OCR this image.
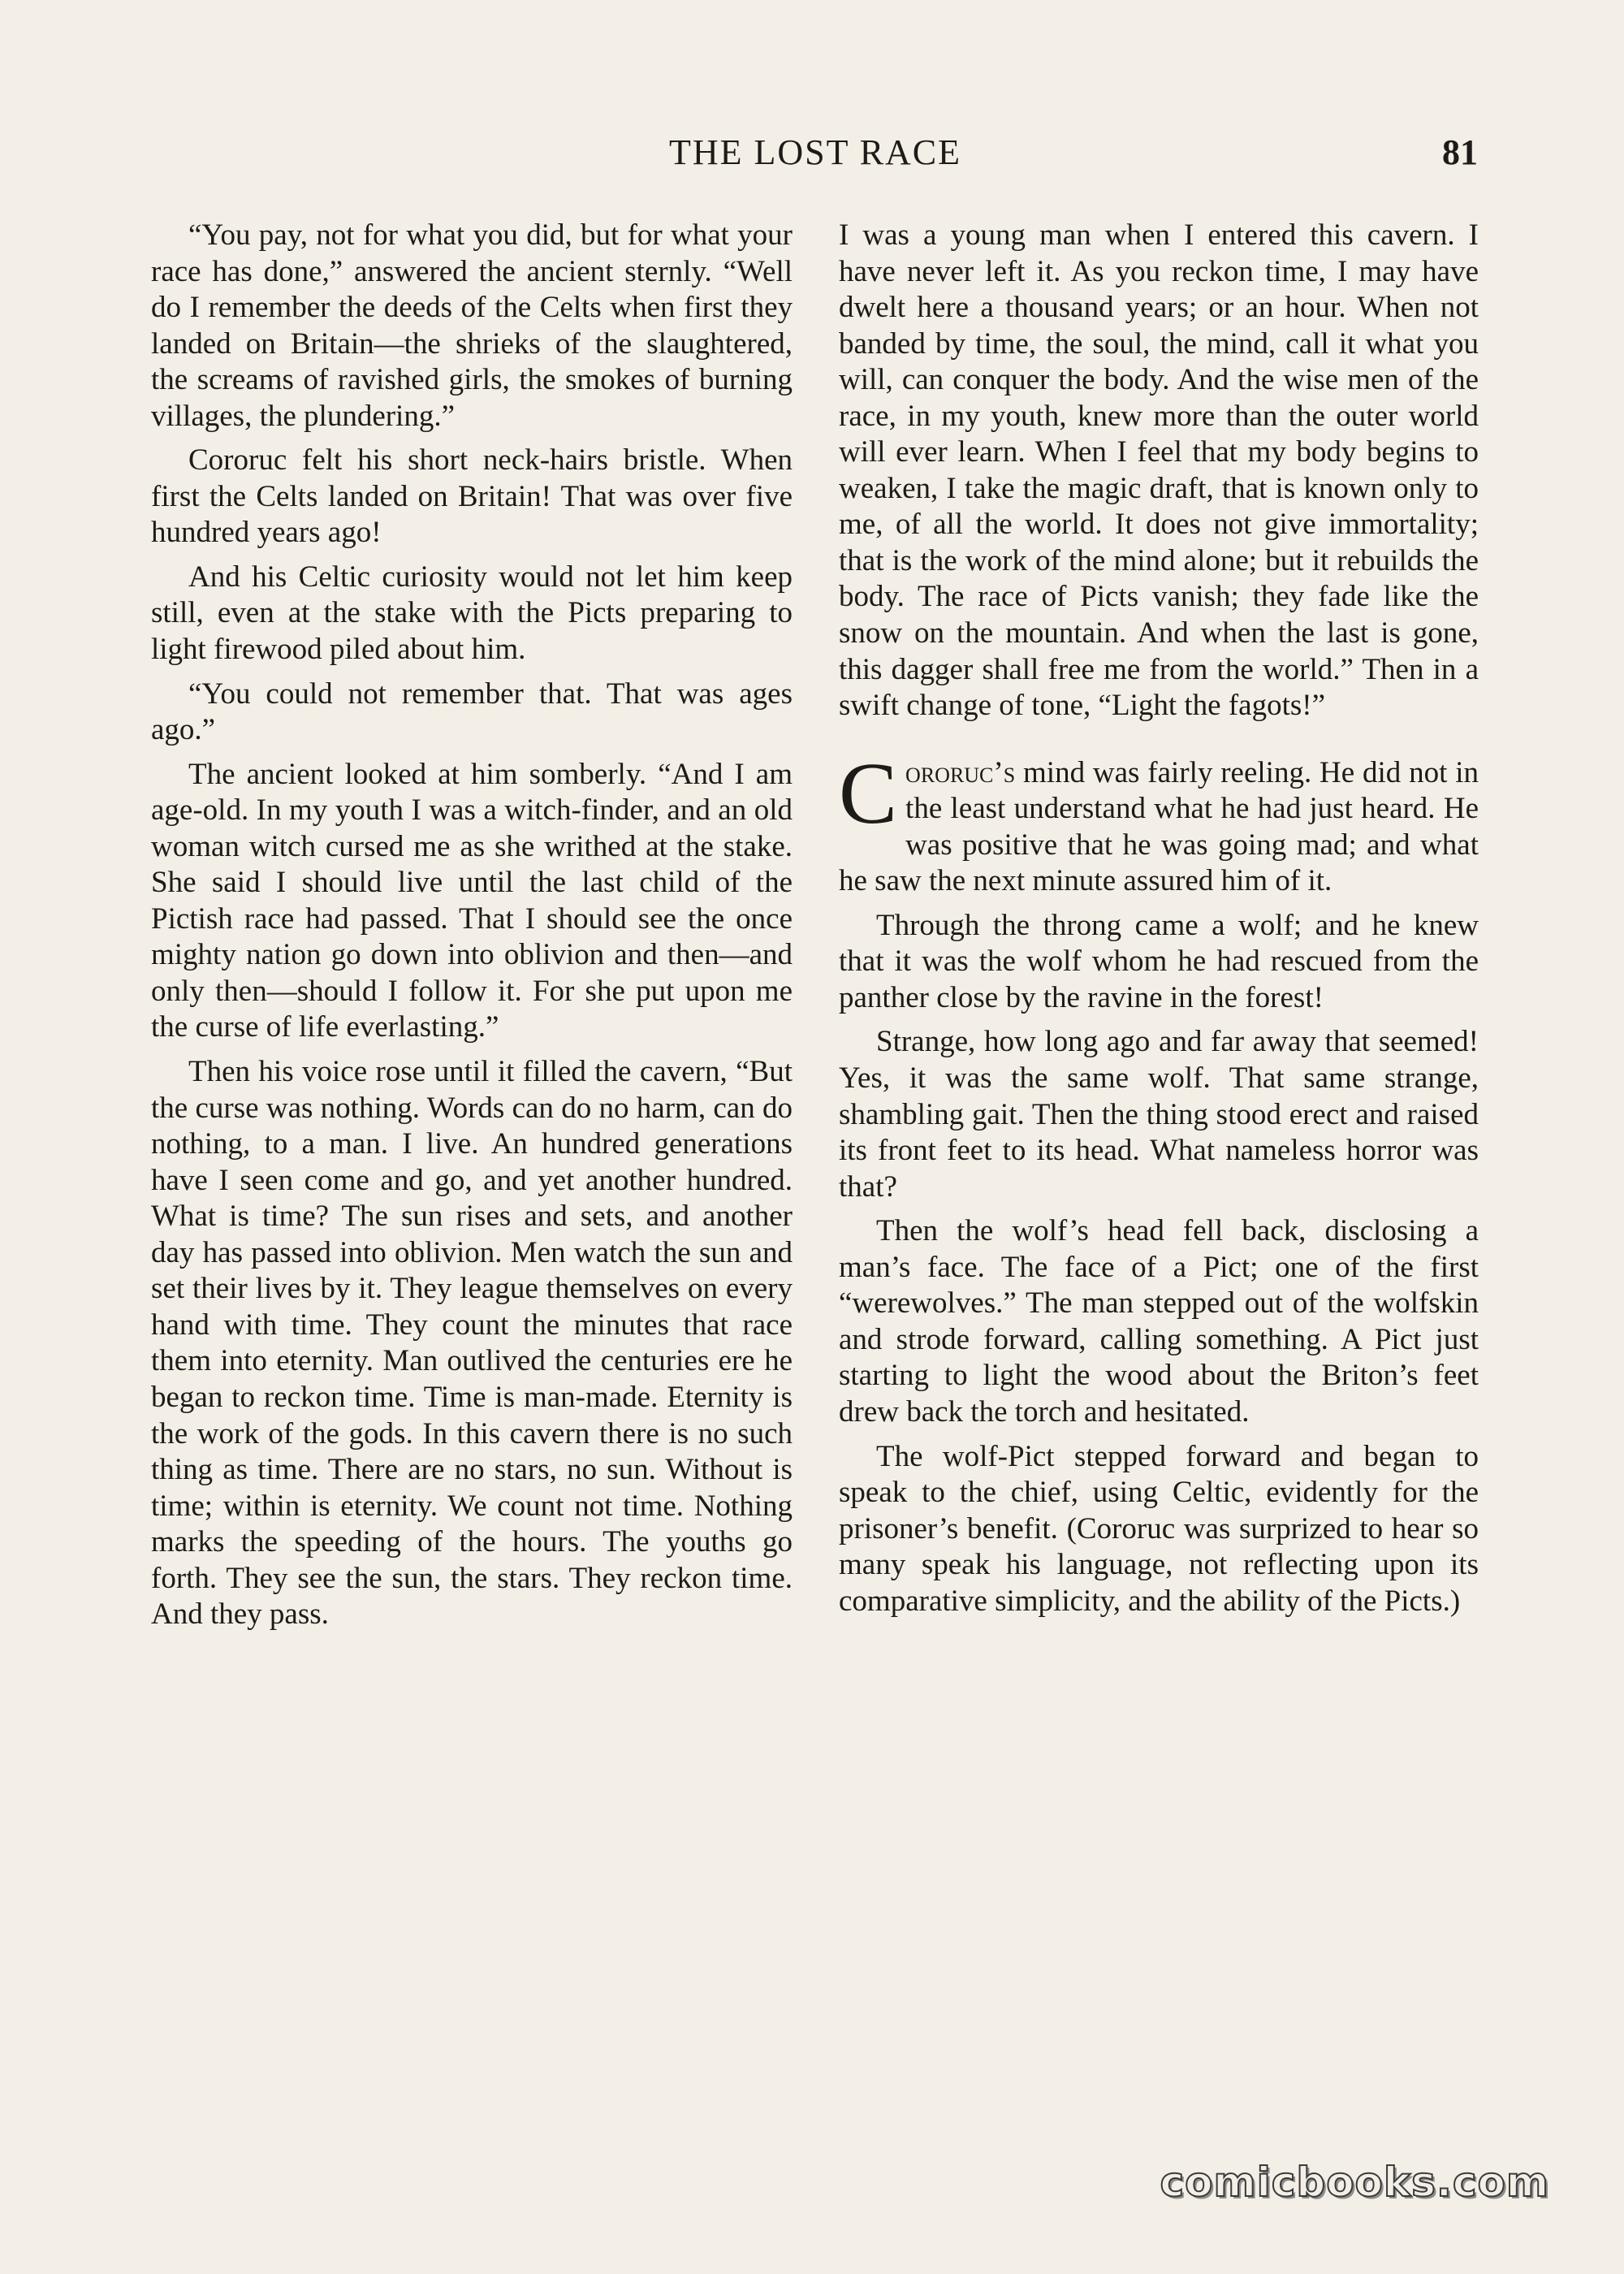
THE LOST RACE	81

“You pay, not for what you did, but for what your race has done,” answered the ancient sternly. “Well do I remember the deeds of the Celts when first they landed on Britain—the shrieks of the slaughtered, the screams of ravished girls, the smokes of burning villages, the plundering.”

Cororuc felt his short neck-hairs bristle. When first the Celts landed on Britain! That was over five hundred years ago!

And his Celtic curiosity would not let him keep still, even at the stake with the Picts preparing to light firewood piled about him.

“You could not remember that. That was ages ago.”

The ancient looked at him somberly. “And I am age-old. In my youth I was a witch-finder, and an old woman witch cursed me as she writhed at the stake. She said I should live until the last child of the Pictish race had passed. That I should see the once mighty nation go down into oblivion and then—and only then—should I follow it. For she put upon me the curse of life everlasting.”

Then his voice rose until it filled the cavern, “But the curse was nothing. Words can do no harm, can do nothing, to a man. I live. An hundred generations have I seen come and go, and yet another hundred. What is time? The sun rises and sets, and another day has passed into oblivion. Men watch the sun and set their lives by it. They league themselves on every hand with time. They count the minutes that race them into eternity. Man outlived the centuries ere he began to reckon time. Time is man-made. Eternity is the work of the gods. In this cavern there is no such thing as time. There are no stars, no sun. Without is time; within is eternity. We count not time. Nothing marks the speeding of the hours. The youths go forth. They see the sun, the stars. They reckon time. And they pass.

I was a young man when I entered this cavern. I have never left it. As you reckon time, I may have dwelt here a thousand years; or an hour. When not banded by time, the soul, the mind, call it what you will, can conquer the body. And the wise men of the race, in my youth, knew more than the outer world will ever learn. When I feel that my body begins to weaken, I take the magic draft, that is known only to me, of all the world. It does not give immortality; that is the work of the mind alone; but it rebuilds the body. The race of Picts vanish; they fade like the snow on the mountain. And when the last is gone, this dagger shall free me from the world.” Then in a swift change of tone, “Light the fagots!”

Cororuc’s mind was fairly reeling. He did not in the least understand what he had just heard. He was positive that he was going mad; and what he saw the next minute assured him of it.

Through the throng came a wolf; and he knew that it was the wolf whom he had rescued from the panther close by the ravine in the forest!

Strange, how long ago and far away that seemed! Yes, it was the same wolf. That same strange, shambling gait. Then the thing stood erect and raised its front feet to its head. What nameless horror was that?

Then the wolf’s head fell back, disclosing a man’s face. The face of a Pict; one of the first “werewolves.” The man stepped out of the wolfskin and strode forward, calling something. A Pict just starting to light the wood about the Briton’s feet drew back the torch and hesitated.

The wolf-Pict stepped forward and began to speak to the chief, using Celtic, evidently for the prisoner’s benefit. (Cororuc was surprized to hear so many speak his language, not reflecting upon its comparative simplicity, and the ability of the Picts.)

comicbooks.com
